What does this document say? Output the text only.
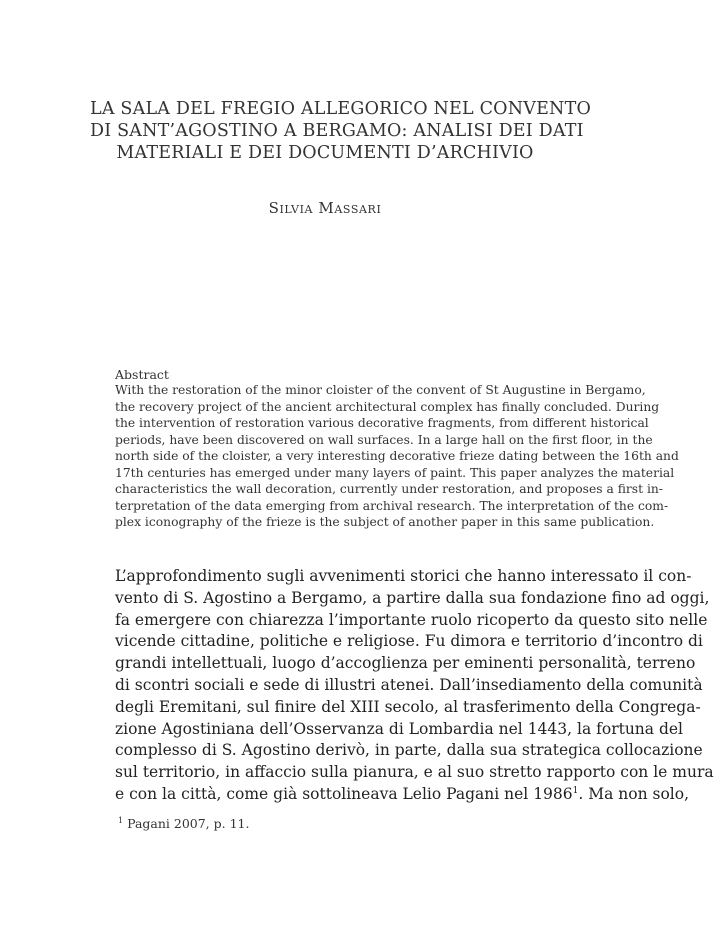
LA SALA DEL FREGIO ALLEGORICO NEL CONVENTO
DI SANT’AGOSTINO A BERGAMO: ANALISI DEI DATI
MATERIALI E DEI DOCUMENTI D’ARCHIVIO
Silvia Massari
Abstract
With the restoration of the minor cloister of the convent of St Augustine in Bergamo,
the recovery project of the ancient architectural complex has finally concluded. During
the intervention of restoration various decorative fragments, from different historical
periods, have been discovered on wall surfaces. In a large hall on the first floor, in the
north side of the cloister, a very interesting decorative frieze dating between the 16th and
17th centuries has emerged under many layers of paint. This paper analyzes the material
characteristics the wall decoration, currently under restoration, and proposes a first in-
terpretation of the data emerging from archival research. The interpretation of the com-
plex iconography of the frieze is the subject of another paper in this same publication.
L’approfondimento sugli avvenimenti storici che hanno interessato il con-
vento di S. Agostino a Bergamo, a partire dalla sua fondazione fino ad oggi,
fa emergere con chiarezza l’importante ruolo ricoperto da questo sito nelle
vicende cittadine, politiche e religiose. Fu dimora e territorio d’incontro di
grandi intellettuali, luogo d’accoglienza per eminenti personalità, terreno
di scontri sociali e sede di illustri atenei. Dall’insediamento della comunità
degli Eremitani, sul finire del XIII secolo, al trasferimento della Congrega-
zione Agostiniana dell’Osservanza di Lombardia nel 1443, la fortuna del
complesso di S. Agostino derivò, in parte, dalla sua strategica collocazione
sul territorio, in affaccio sulla pianura, e al suo stretto rapporto con le mura
e con la città, come già sottolineava Lelio Pagani nel 1986$^1$. Ma non solo,
$^1$ Pagani 2007, p. 11.
